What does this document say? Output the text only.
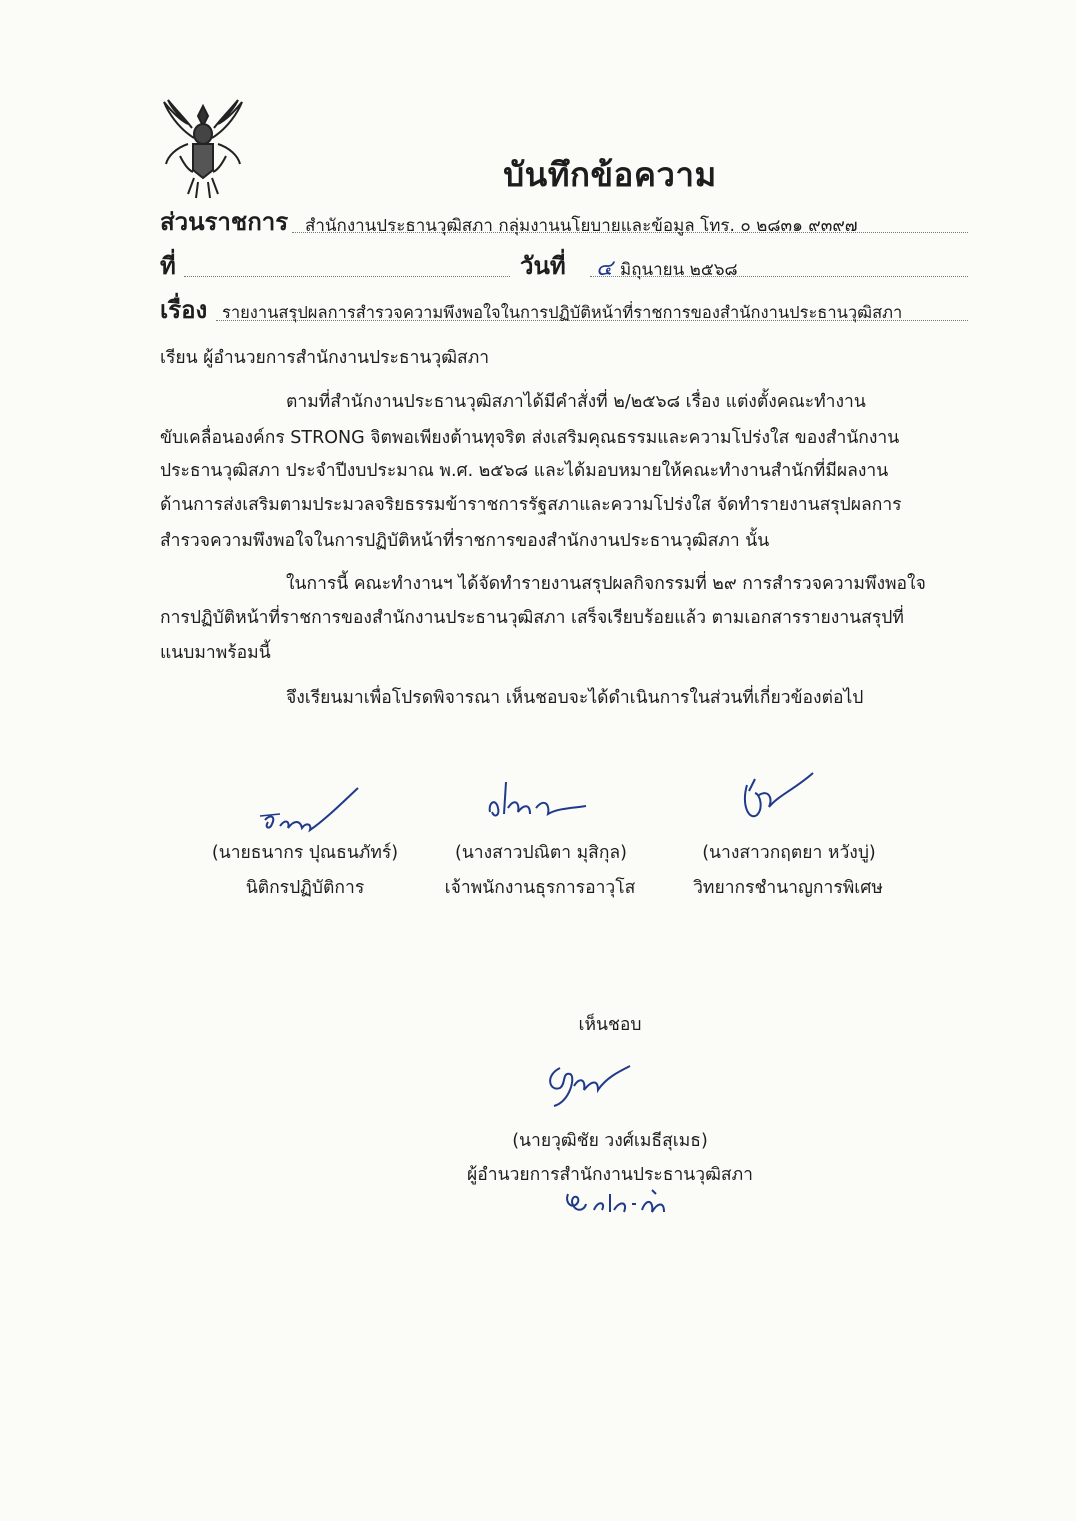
บันทึกข้อความ
ส่วนราชการ สำนักงานประธานวุฒิสภา กลุ่มงานนโยบายและข้อมูล โทร. ๐ ๒๘๓๑ ๙๓๙๗
ที่	วันที่ ๔ มิถุนายน ๒๕๖๘
เรื่อง รายงานสรุปผลการสำรวจความพึงพอใจในการปฏิบัติหน้าที่ราชการของสำนักงานประธานวุฒิสภา
เรียน ผู้อำนวยการสำนักงานประธานวุฒิสภา
ตามที่สำนักงานประธานวุฒิสภาได้มีคำสั่งที่ ๒/๒๕๖๘ เรื่อง แต่งตั้งคณะทำงาน
ขับเคลื่อนองค์กร STRONG จิตพอเพียงต้านทุจริต ส่งเสริมคุณธรรมและความโปร่งใส ของสำนักงาน
ประธานวุฒิสภา ประจำปีงบประมาณ พ.ศ. ๒๕๖๘ และได้มอบหมายให้คณะทำงานสำนักที่มีผลงาน
ด้านการส่งเสริมตามประมวลจริยธรรมข้าราชการรัฐสภาและความโปร่งใส จัดทำรายงานสรุปผลการ
สำรวจความพึงพอใจในการปฏิบัติหน้าที่ราชการของสำนักงานประธานวุฒิสภา นั้น
ในการนี้ คณะทำงานฯ ได้จัดทำรายงานสรุปผลกิจกรรมที่ ๒๙ การสำรวจความพึงพอใจ
การปฏิบัติหน้าที่ราชการของสำนักงานประธานวุฒิสภา เสร็จเรียบร้อยแล้ว ตามเอกสารรายงานสรุปที่
แนบมาพร้อมนี้
จึงเรียนมาเพื่อโปรดพิจารณา เห็นชอบจะได้ดำเนินการในส่วนที่เกี่ยวข้องต่อไป
(นายธนากร ปุณธนภัทร์)
นิติกรปฏิบัติการ
(นางสาวปณิตา มุสิกุล)
เจ้าพนักงานธุรการอาวุโส
(นางสาวกฤตยา หวังบู่)
วิทยากรชำนาญการพิเศษ
เห็นชอบ
(นายวุฒิชัย วงศ์เมธีสุเมธ)
ผู้อำนวยการสำนักงานประธานวุฒิสภา
